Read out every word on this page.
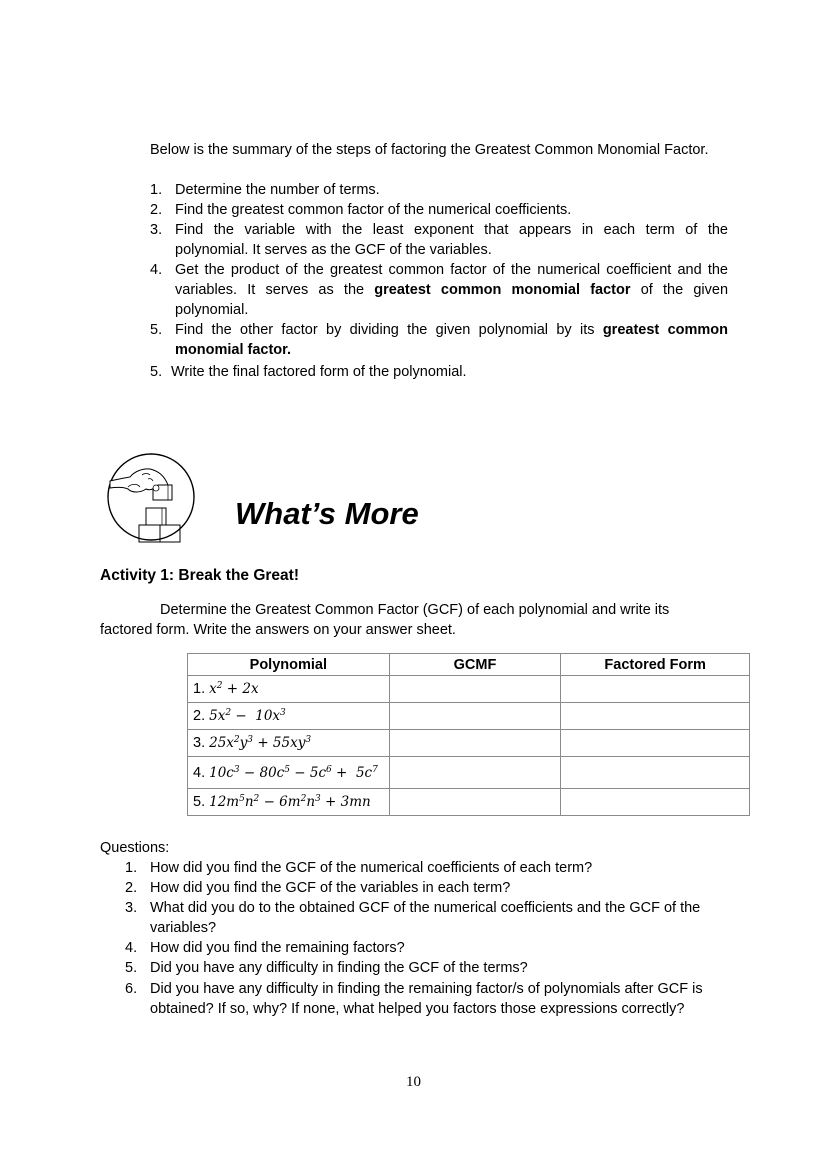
Below is the summary of the steps of factoring the Greatest Common Monomial Factor.
1. Determine the number of terms.
2. Find the greatest common factor of the numerical coefficients.
3. Find the variable with the least exponent that appears in each term of the
polynomial. It serves as the GCF of the variables.
4. Get the product of the greatest common factor of the numerical coefficient and the
variables. It serves as the greatest common monomial factor of the given
polynomial.
5. Find the other factor by dividing the given polynomial by its greatest common
monomial factor.
5. Write the final factored form of the polynomial.
What’s More
Activity 1: Break the Great!
Determine the Greatest Common Factor (GCF) of each polynomial and write its
factored form. Write the answers on your answer sheet.
Polynomial	GCMF	Factored Form
1. $x^2 + 2x$		
2. $5x^2 - 10x^3$		
3. $25x^2y^3 + 55xy^3$		
4. $10c^3 - 80c^5 - 5c^6 + 5c^7$		
5. $12m^5n^2 - 6m^2n^3 + 3mn$		
Questions:
1. How did you find the GCF of the numerical coefficients of each term?
2. How did you find the GCF of the variables in each term?
3. What did you do to the obtained GCF of the numerical coefficients and the GCF of the
variables?
4. How did you find the remaining factors?
5. Did you have any difficulty in finding the GCF of the terms?
6. Did you have any difficulty in finding the remaining factor/s of polynomials after GCF is
obtained? If so, why? If none, what helped you factors those expressions correctly?
10
